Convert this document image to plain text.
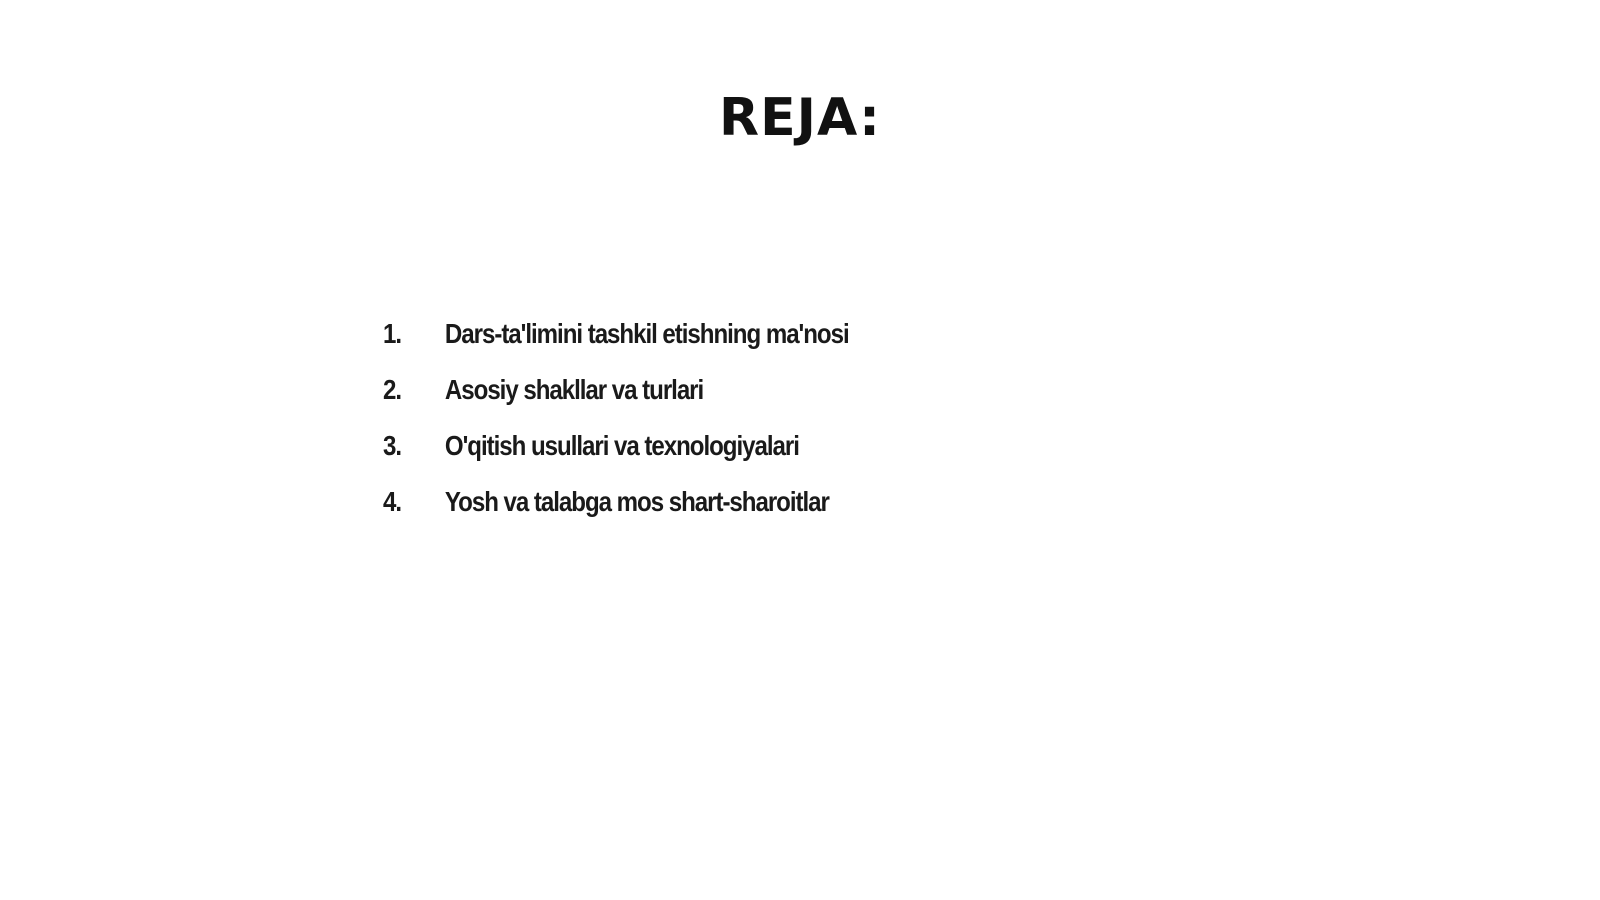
REJA:
1.	Dars-ta'limini tashkil etishning ma'nosi
2.	Asosiy shakllar va turlari
3.	O'qitish usullari va texnologiyalari
4.	Yosh va talabga mos shart-sharoitlar
